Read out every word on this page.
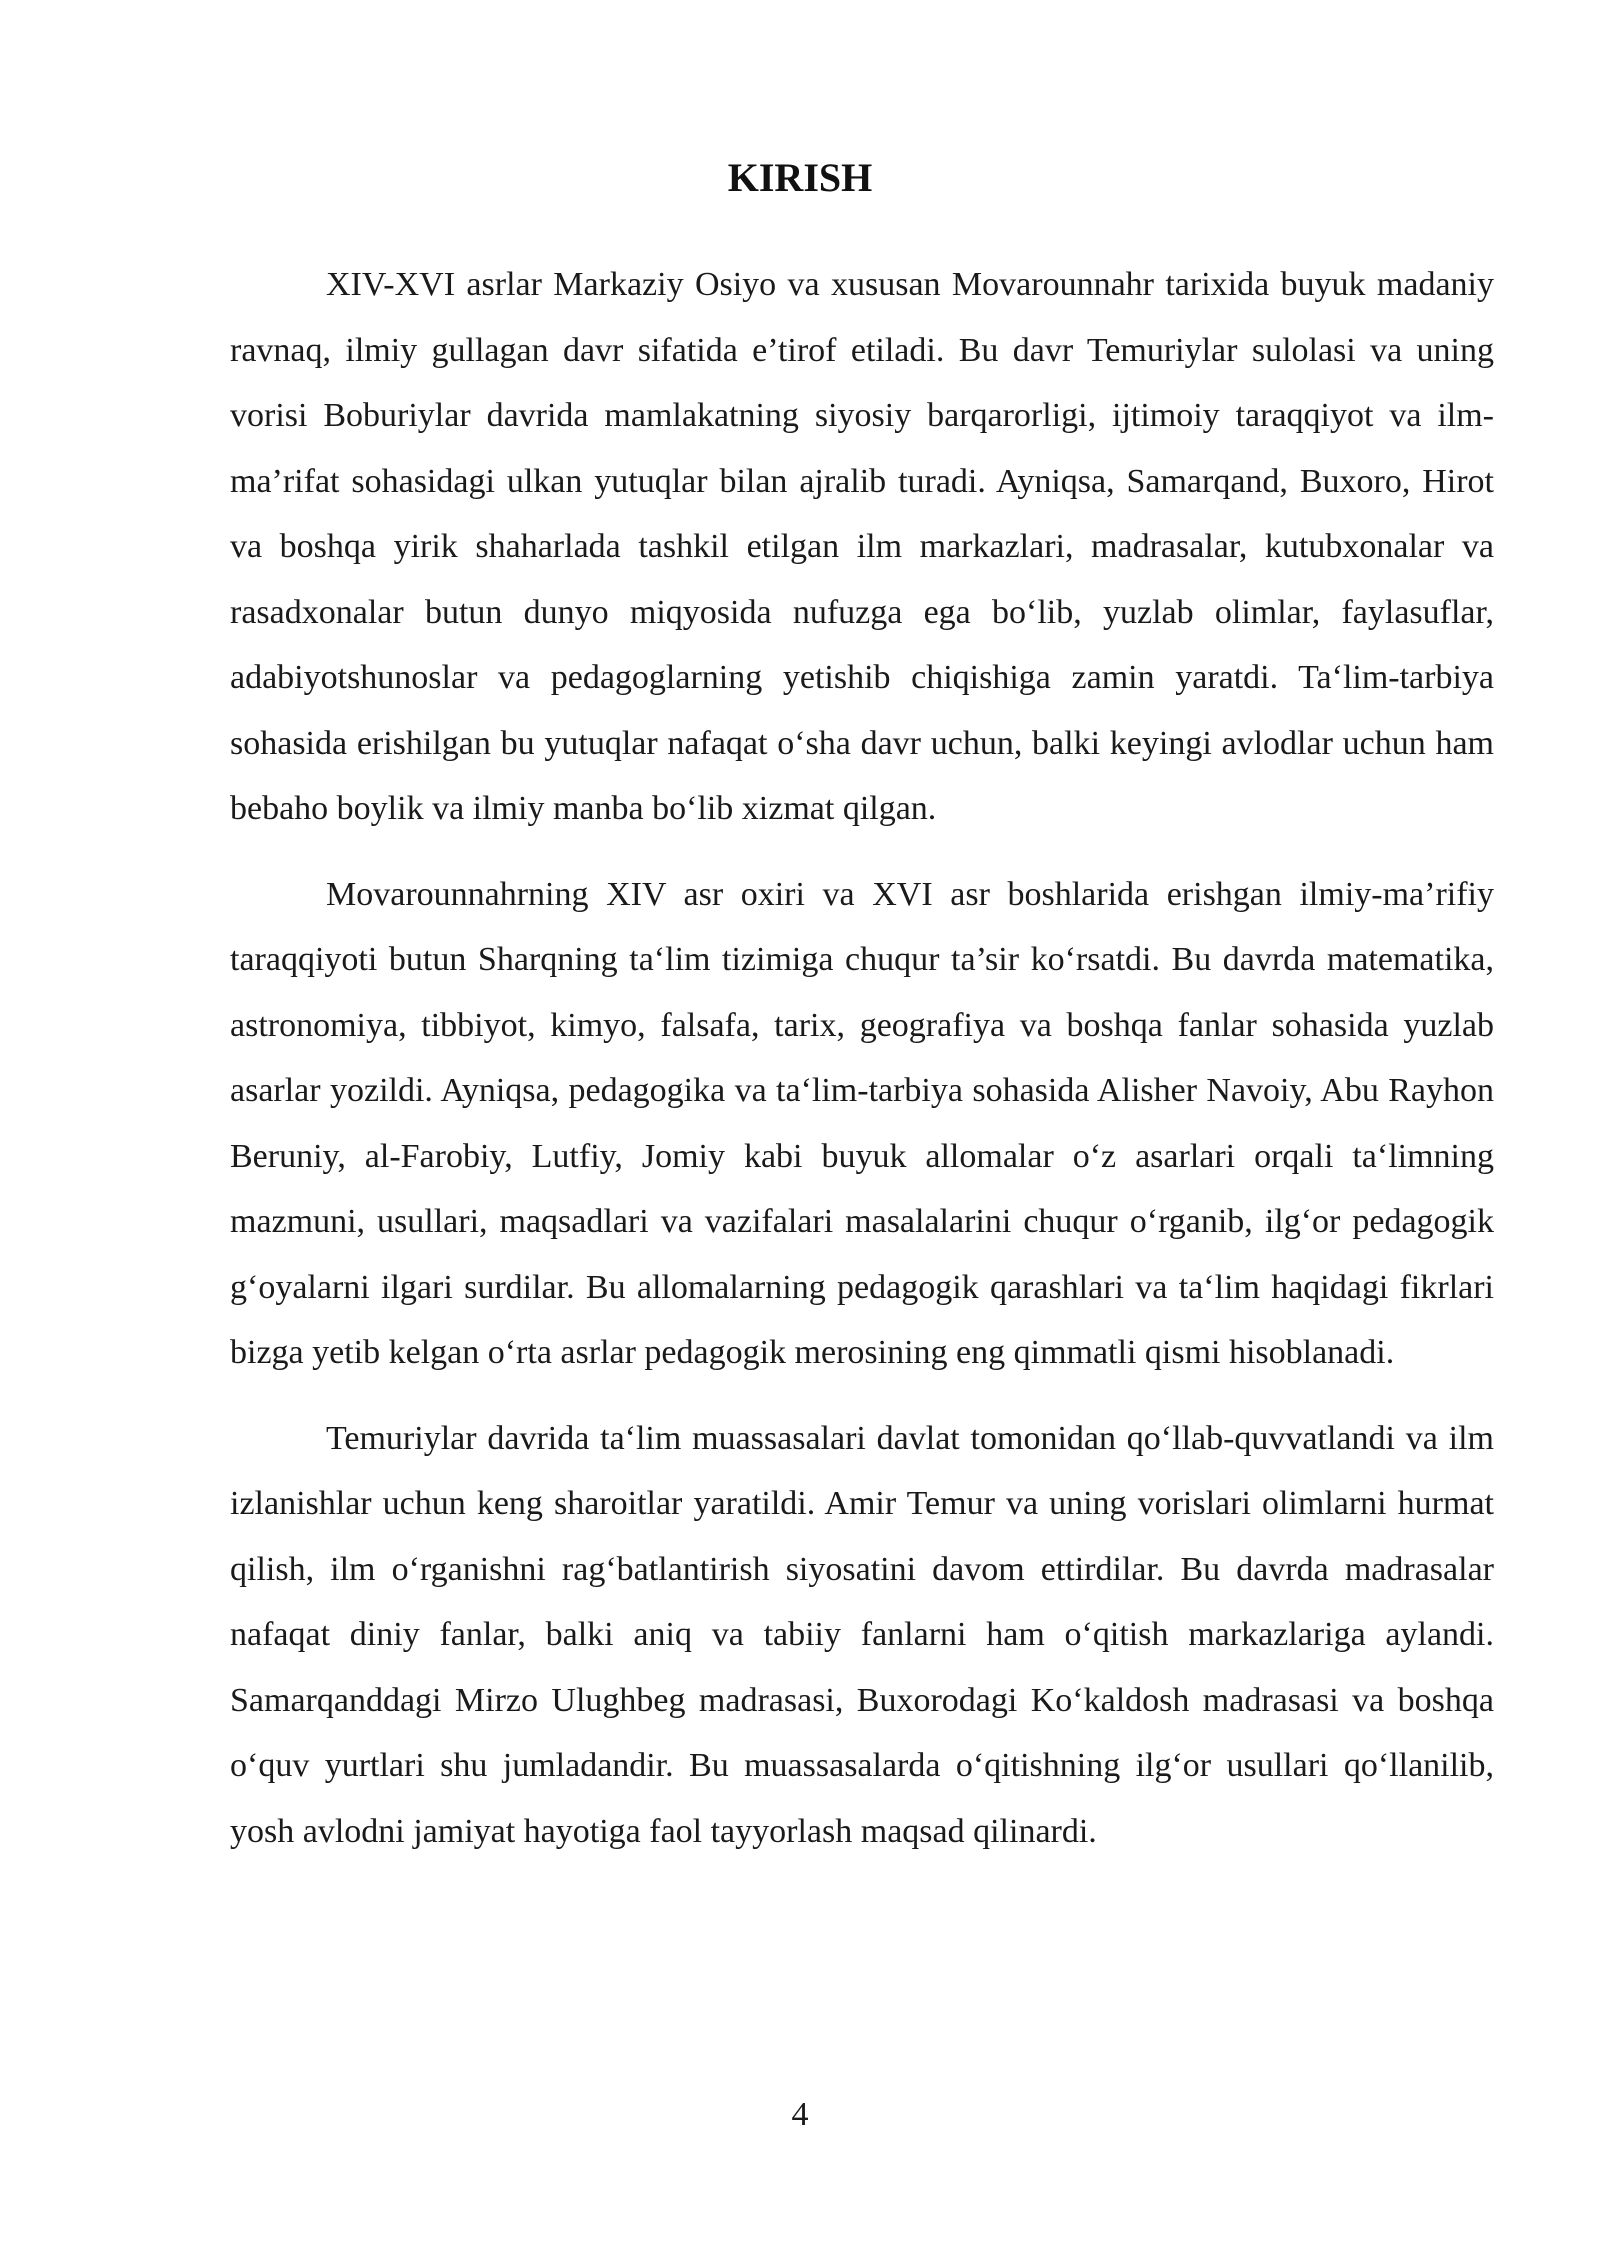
KIRISH

XIV-XVI asrlar Markaziy Osiyo va xususan Movarounnahr tarixida buyuk madaniy ravnaq, ilmiy gullagan davr sifatida e’tirof etiladi. Bu davr Temuriylar sulolasi va uning vorisi Boburiylar davrida mamlakatning siyosiy barqarorligi, ijtimoiy taraqqiyot va ilm-ma’rifat sohasidagi ulkan yutuqlar bilan ajralib turadi. Ayniqsa, Samarqand, Buxoro, Hirot va boshqa yirik shaharlada tashkil etilgan ilm markazlari, madrasalar, kutubxonalar va rasadxonalar butun dunyo miqyosida nufuzga ega bo‘lib, yuzlab olimlar, faylasuflar, adabiyotshunoslar va pedagoglarning yetishib chiqishiga zamin yaratdi. Ta‘lim-tarbiya sohasida erishilgan bu yutuqlar nafaqat o‘sha davr uchun, balki keyingi avlodlar uchun ham bebaho boylik va ilmiy manba bo‘lib xizmat qilgan.

Movarounnahrning XIV asr oxiri va XVI asr boshlarida erishgan ilmiy-ma’rifiy taraqqiyoti butun Sharqning ta‘lim tizimiga chuqur ta’sir ko‘rsatdi. Bu davrda matematika, astronomiya, tibbiyot, kimyo, falsafa, tarix, geografiya va boshqa fanlar sohasida yuzlab asarlar yozildi. Ayniqsa, pedagogika va ta‘lim-tarbiya sohasida Alisher Navoiy, Abu Rayhon Beruniy, al-Farobiy, Lutfiy, Jomiy kabi buyuk allomalar o‘z asarlari orqali ta‘limning mazmuni, usullari, maqsadlari va vazifalari masalalarini chuqur o‘rganib, ilg‘or pedagogik g‘oyalarni ilgari surdilar. Bu allomalarning pedagogik qarashlari va ta‘lim haqidagi fikrlari bizga yetib kelgan o‘rta asrlar pedagogik merosining eng qimmatli qismi hisoblanadi.

Temuriylar davrida ta‘lim muassasalari davlat tomonidan qo‘llab-quvvatlandi va ilm izlanishlar uchun keng sharoitlar yaratildi. Amir Temur va uning vorislari olimlarni hurmat qilish, ilm o‘rganishni rag‘batlantirish siyosatini davom ettirdilar. Bu davrda madrasalar nafaqat diniy fanlar, balki aniq va tabiiy fanlarni ham o‘qitish markazlariga aylandi. Samarqanddagi Mirzo Ulughbeg madrasasi, Buxorodagi Ko‘kaldosh madrasasi va boshqa o‘quv yurtlari shu jumladandir. Bu muassasalarda o‘qitishning ilg‘or usullari qo‘llanilib, yosh avlodni jamiyat hayotiga faol tayyorlash maqsad qilinardi.

4
